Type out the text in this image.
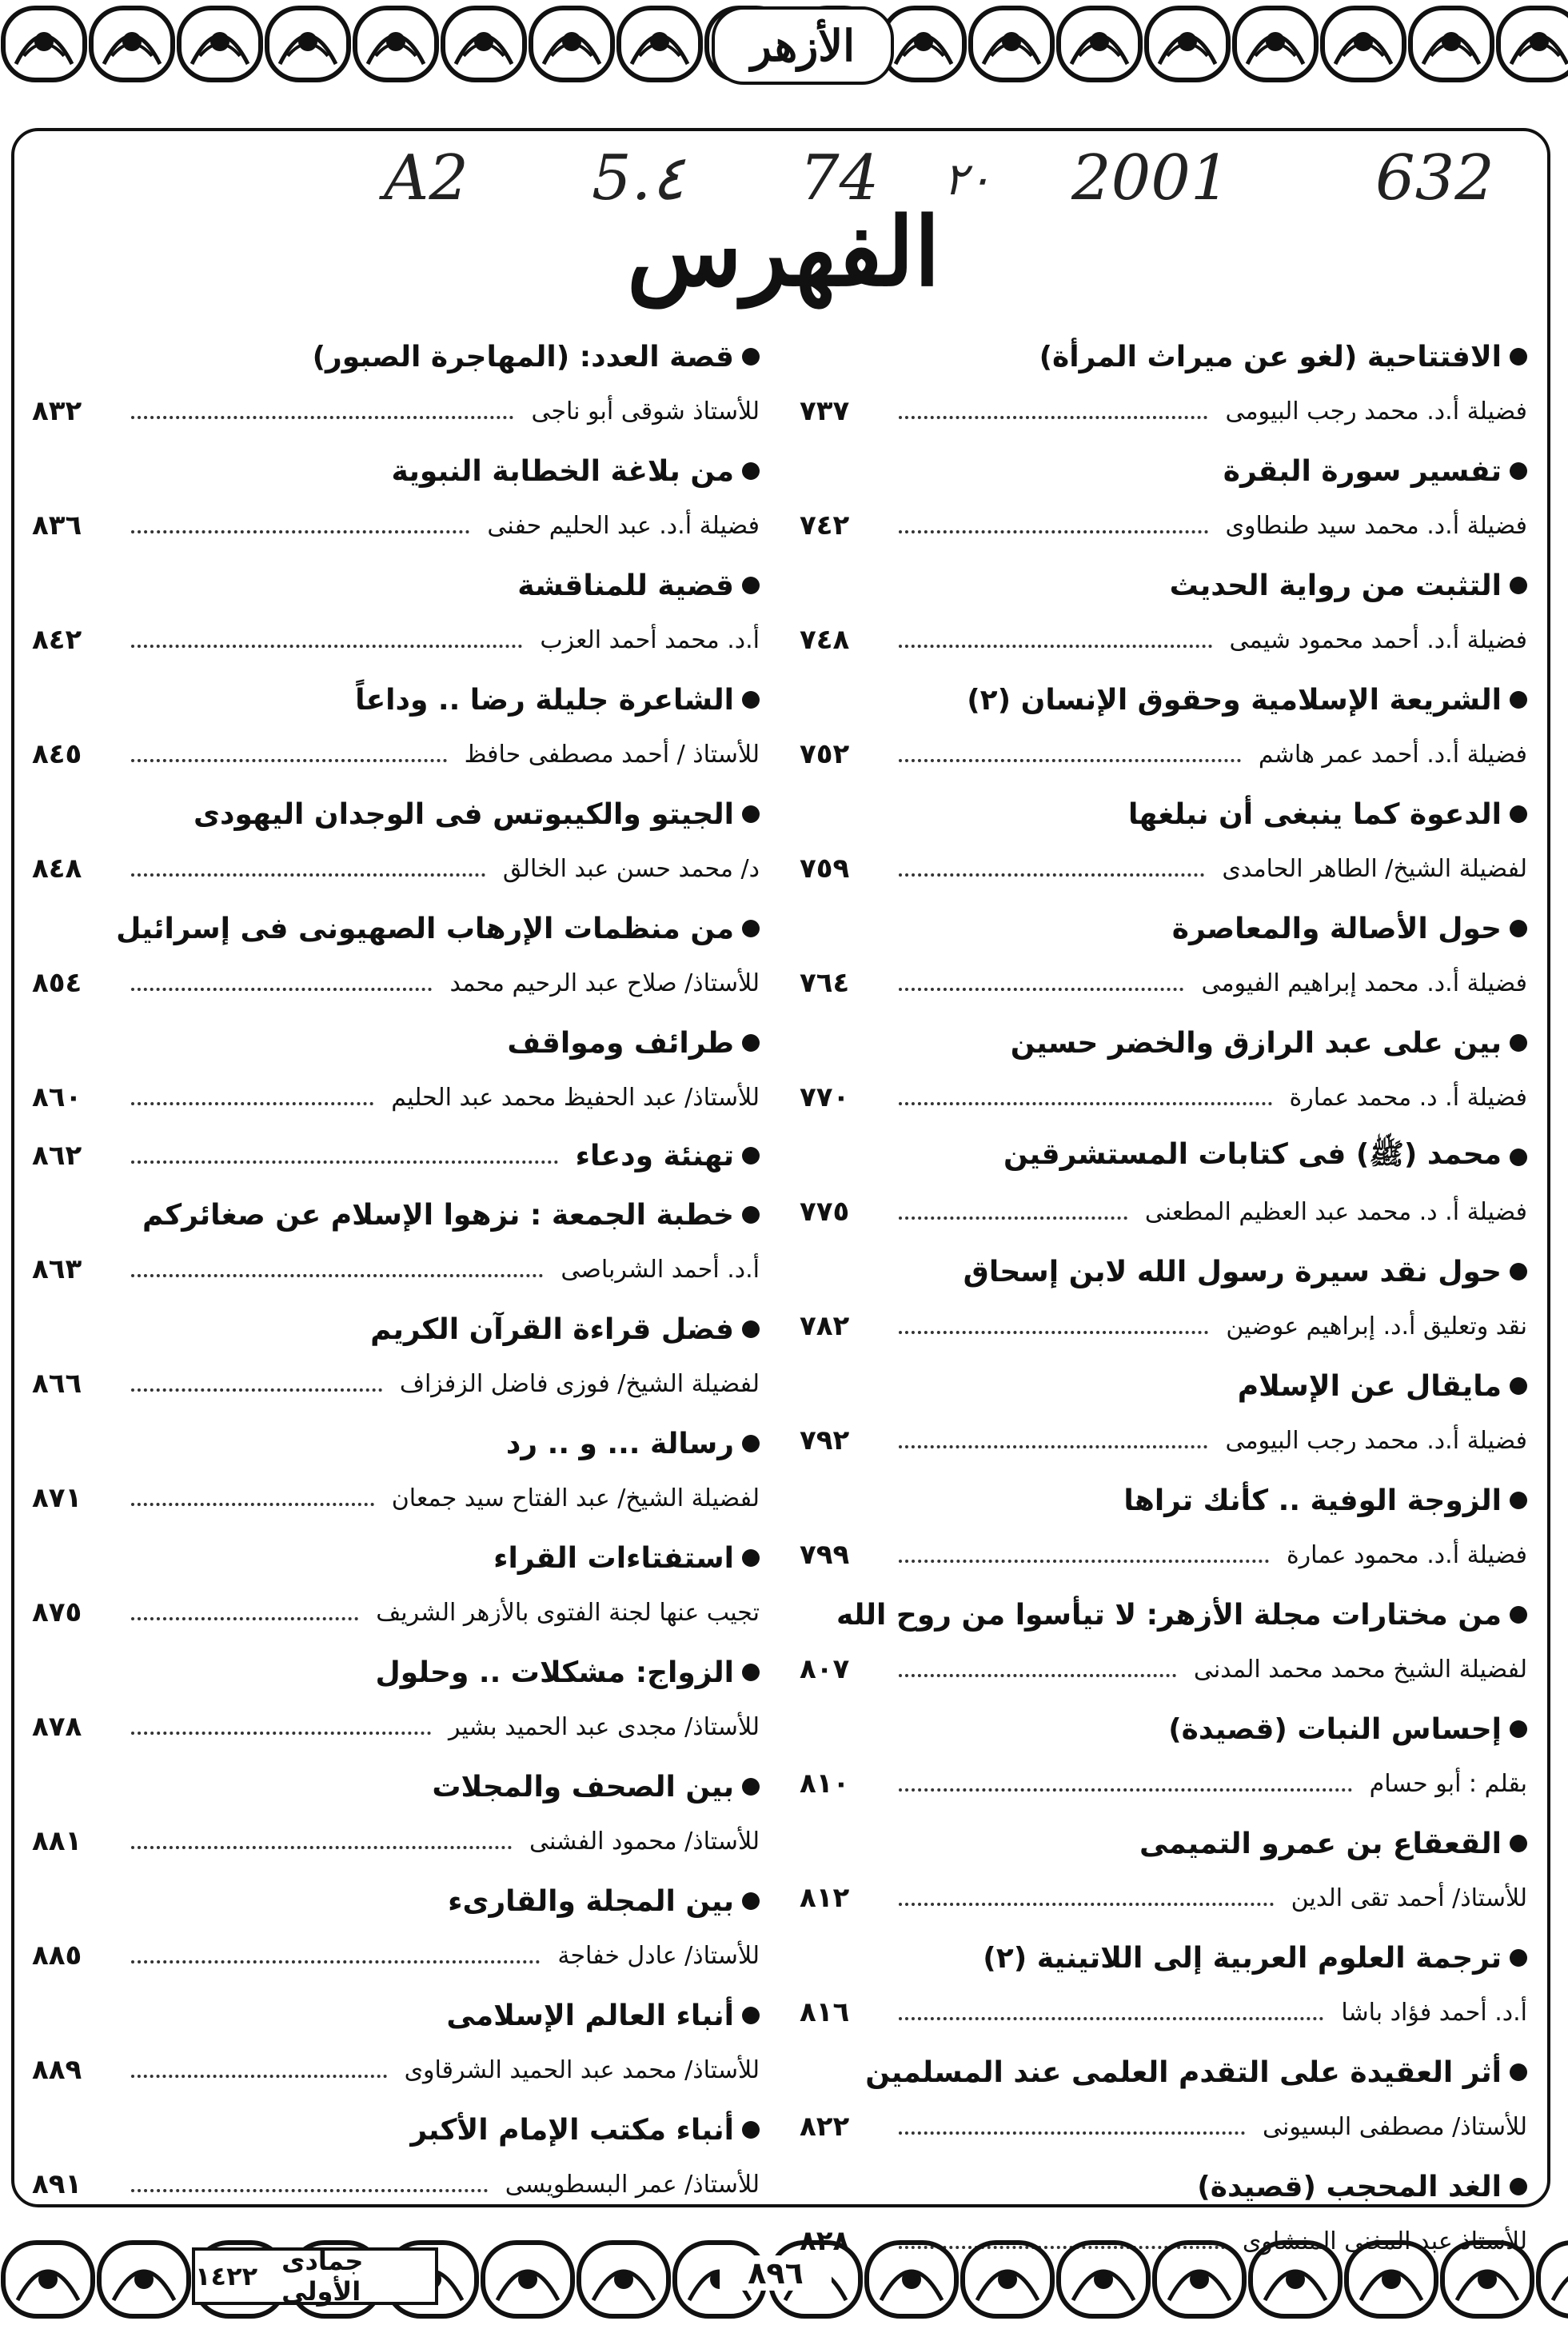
الأزهر
A2 5.٤ 74 ٢٠ 2001 632
الفهرس
الافتتاحية (لغو عن ميراث المرأة)
فضيلة أ.د. محمد رجب البيومى
٧٣٧
تفسير سورة البقرة
فضيلة أ.د. محمد سيد طنطاوى
٧٤٢
التثبت من رواية الحديث
فضيلة أ.د. أحمد محمود شيمى
٧٤٨
الشريعة الإسلامية وحقوق الإنسان (٢)
فضيلة أ.د. أحمد عمر هاشم
٧٥٢
الدعوة كما ينبغى أن نبلغها
لفضيلة الشيخ/ الطاهر الحامدى
٧٥٩
حول الأصالة والمعاصرة
فضيلة أ.د. محمد إبراهيم الفيومى
٧٦٤
بين على عبد الرازق والخضر حسين
فضيلة أ. د. محمد عمارة
٧٧٠
محمد (ﷺ) فى كتابات المستشرقين
فضيلة أ. د. محمد عبد العظيم المطعنى
٧٧٥
حول نقد سيرة رسول الله لابن إسحاق
نقد وتعليق أ.د. إبراهيم عوضين
٧٨٢
مايقال عن الإسلام
فضيلة أ.د. محمد رجب البيومى
٧٩٢
الزوجة الوفية .. كأنك تراها
فضيلة أ.د. محمود عمارة
٧٩٩
من مختارات مجلة الأزهر: لا تيأسوا من روح الله
لفضيلة الشيخ محمد محمد المدنى
٨٠٧
إحساس النبات (قصيدة)
بقلم : أبو حسام
٨١٠
القعقاع بن عمرو التميمى
للأستاذ/ أحمد تقى الدين
٨١٢
ترجمة العلوم العربية إلى اللاتينية (٢)
أ.د. أحمد فؤاد باشا
٨١٦
أثر العقيدة على التقدم العلمى عند المسلمين
للأستاذ/ مصطفى البسيونى
٨٢٢
الغد المحجب (قصيدة)
قصة العدد: (المهاجرة الصبور)
للأستاذ شوقى أبو ناجى
٨٣٢
من بلاغة الخطابة النبوية
فضيلة أ.د. عبد الحليم حفنى
٨٣٦
قضية للمناقشة
أ.د. محمد أحمد العزب
٨٤٢
الشاعرة جليلة رضا .. وداعاً
للأستاذ / أحمد مصطفى حافظ
٨٤٥
الجيتو والكيبوتس فى الوجدان اليهودى
د/ محمد حسن عبد الخالق
٨٤٨
من منظمات الإرهاب الصهيونى فى إسرائيل
للأستاذ/ صلاح عبد الرحيم محمد
٨٥٤
طرائف ومواقف
للأستاذ/ عبد الحفيظ محمد عبد الحليم
٨٦٠
تهنئة ودعاء
٨٦٢
خطبة الجمعة : نزهوا الإسلام عن صغائركم
أ.د. أحمد الشرباصى
٨٦٣
فضل قراءة القرآن الكريم
لفضيلة الشيخ/ فوزى فاضل الزفزاف
٨٦٦
رسالة ... و .. رد
لفضيلة الشيخ/ عبد الفتاح سيد جمعان
٨٧١
استفتاءات القراء
تجيب عنها لجنة الفتوى بالأزهر الشريف
٨٧٥
الزواج: مشكلات .. وحلول
للأستاذ/ مجدى عبد الحميد بشير
٨٧٨
بين الصحف والمجلات
للأستاذ/ محمود الفشنى
٨٨١
بين المجلة والقارىء
للأستاذ/ عادل خفاجة
٨٨٥
أنباء العالم الإسلامى
للأستاذ/ محمد عبد الحميد الشرقاوى
٨٨٩
أنباء مكتب الإمام الأكبر
للأستاذ/ عمر البسطويسى
٨٩١
١٤٢٢ جمادى الأولى
٨٩٦
